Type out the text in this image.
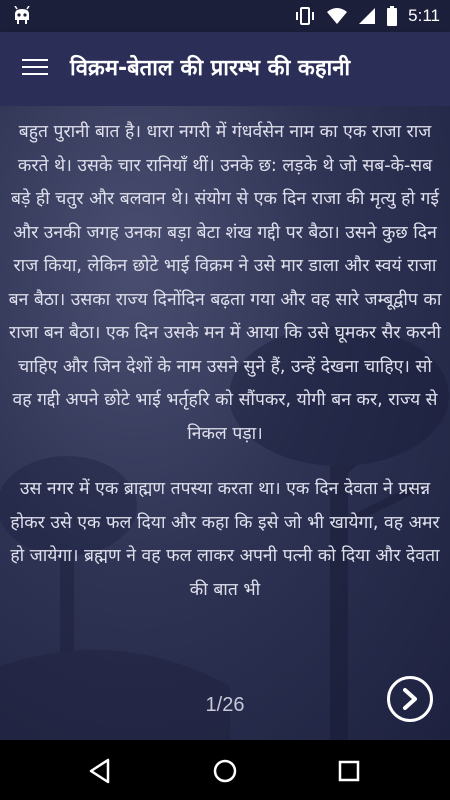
5:11
विक्रम-बेताल की प्रारम्भ की कहानी

बहुत पुरानी बात है। धारा नगरी में गंधर्वसेन नाम का एक राजा राज करते थे। उसके चार रानियाँ थीं। उनके छ: लड़के थे जो सब-के-सब बड़े ही चतुर और बलवान थे। संयोग से एक दिन राजा की मृत्यु हो गई और उनकी जगह उनका बड़ा बेटा शंख गद्दी पर बैठा। उसने कुछ दिन राज किया, लेकिन छोटे भाई विक्रम ने उसे मार डाला और स्वयं राजा बन बैठा। उसका राज्य दिनोंदिन बढ़ता गया और वह सारे जम्बूद्वीप का राजा बन बैठा। एक दिन उसके मन में आया कि उसे घूमकर सैर करनी चाहिए और जिन देशों के नाम उसने सुने हैं, उन्हें देखना चाहिए। सो वह गद्दी अपने छोटे भाई भर्तृहरि को सौंपकर, योगी बन कर, राज्य से निकल पड़ा।

उस नगर में एक ब्राह्मण तपस्या करता था। एक दिन देवता ने प्रसन्न होकर उसे एक फल दिया और कहा कि इसे जो भी खायेगा, वह अमर हो जायेगा। ब्रह्मण ने वह फल लाकर अपनी पत्नी को दिया और देवता की बात भी

1/26
